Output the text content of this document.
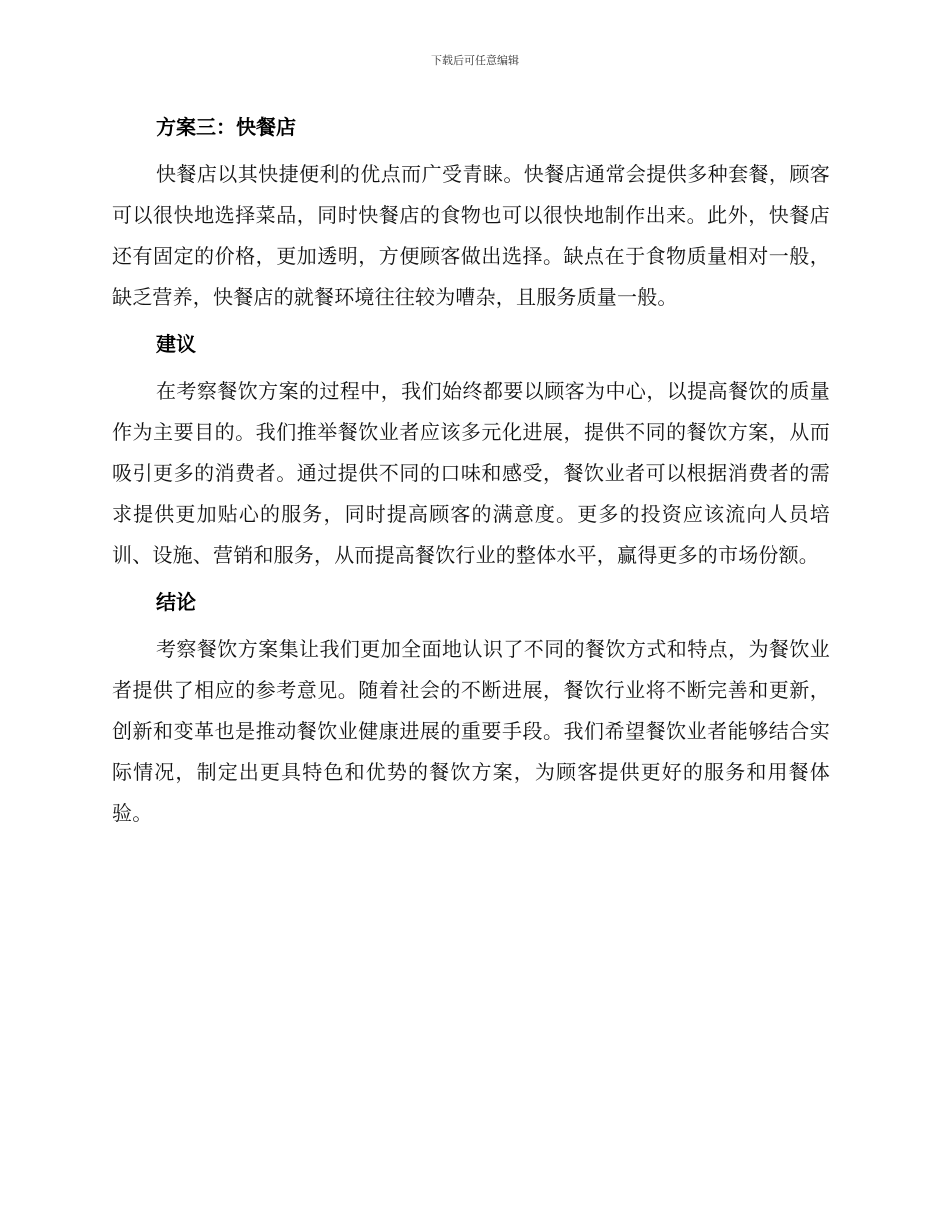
下载后可任意编辑
方案三：快餐店

快餐店以其快捷便利的优点而广受青睐。快餐店通常会提供多种套餐，顾客可以很快地选择菜品，同时快餐店的食物也可以很快地制作出来。此外，快餐店还有固定的价格，更加透明，方便顾客做出选择。缺点在于食物质量相对一般，缺乏营养，快餐店的就餐环境往往较为嘈杂，且服务质量一般。

建议

在考察餐饮方案的过程中，我们始终都要以顾客为中心，以提高餐饮的质量作为主要目的。我们推举餐饮业者应该多元化进展，提供不同的餐饮方案，从而吸引更多的消费者。通过提供不同的口味和感受，餐饮业者可以根据消费者的需求提供更加贴心的服务，同时提高顾客的满意度。更多的投资应该流向人员培训、设施、营销和服务，从而提高餐饮行业的整体水平，赢得更多的市场份额。

结论

考察餐饮方案集让我们更加全面地认识了不同的餐饮方式和特点，为餐饮业者提供了相应的参考意见。随着社会的不断进展，餐饮行业将不断完善和更新，创新和变革也是推动餐饮业健康进展的重要手段。我们希望餐饮业者能够结合实际情况，制定出更具特色和优势的餐饮方案，为顾客提供更好的服务和用餐体验。
